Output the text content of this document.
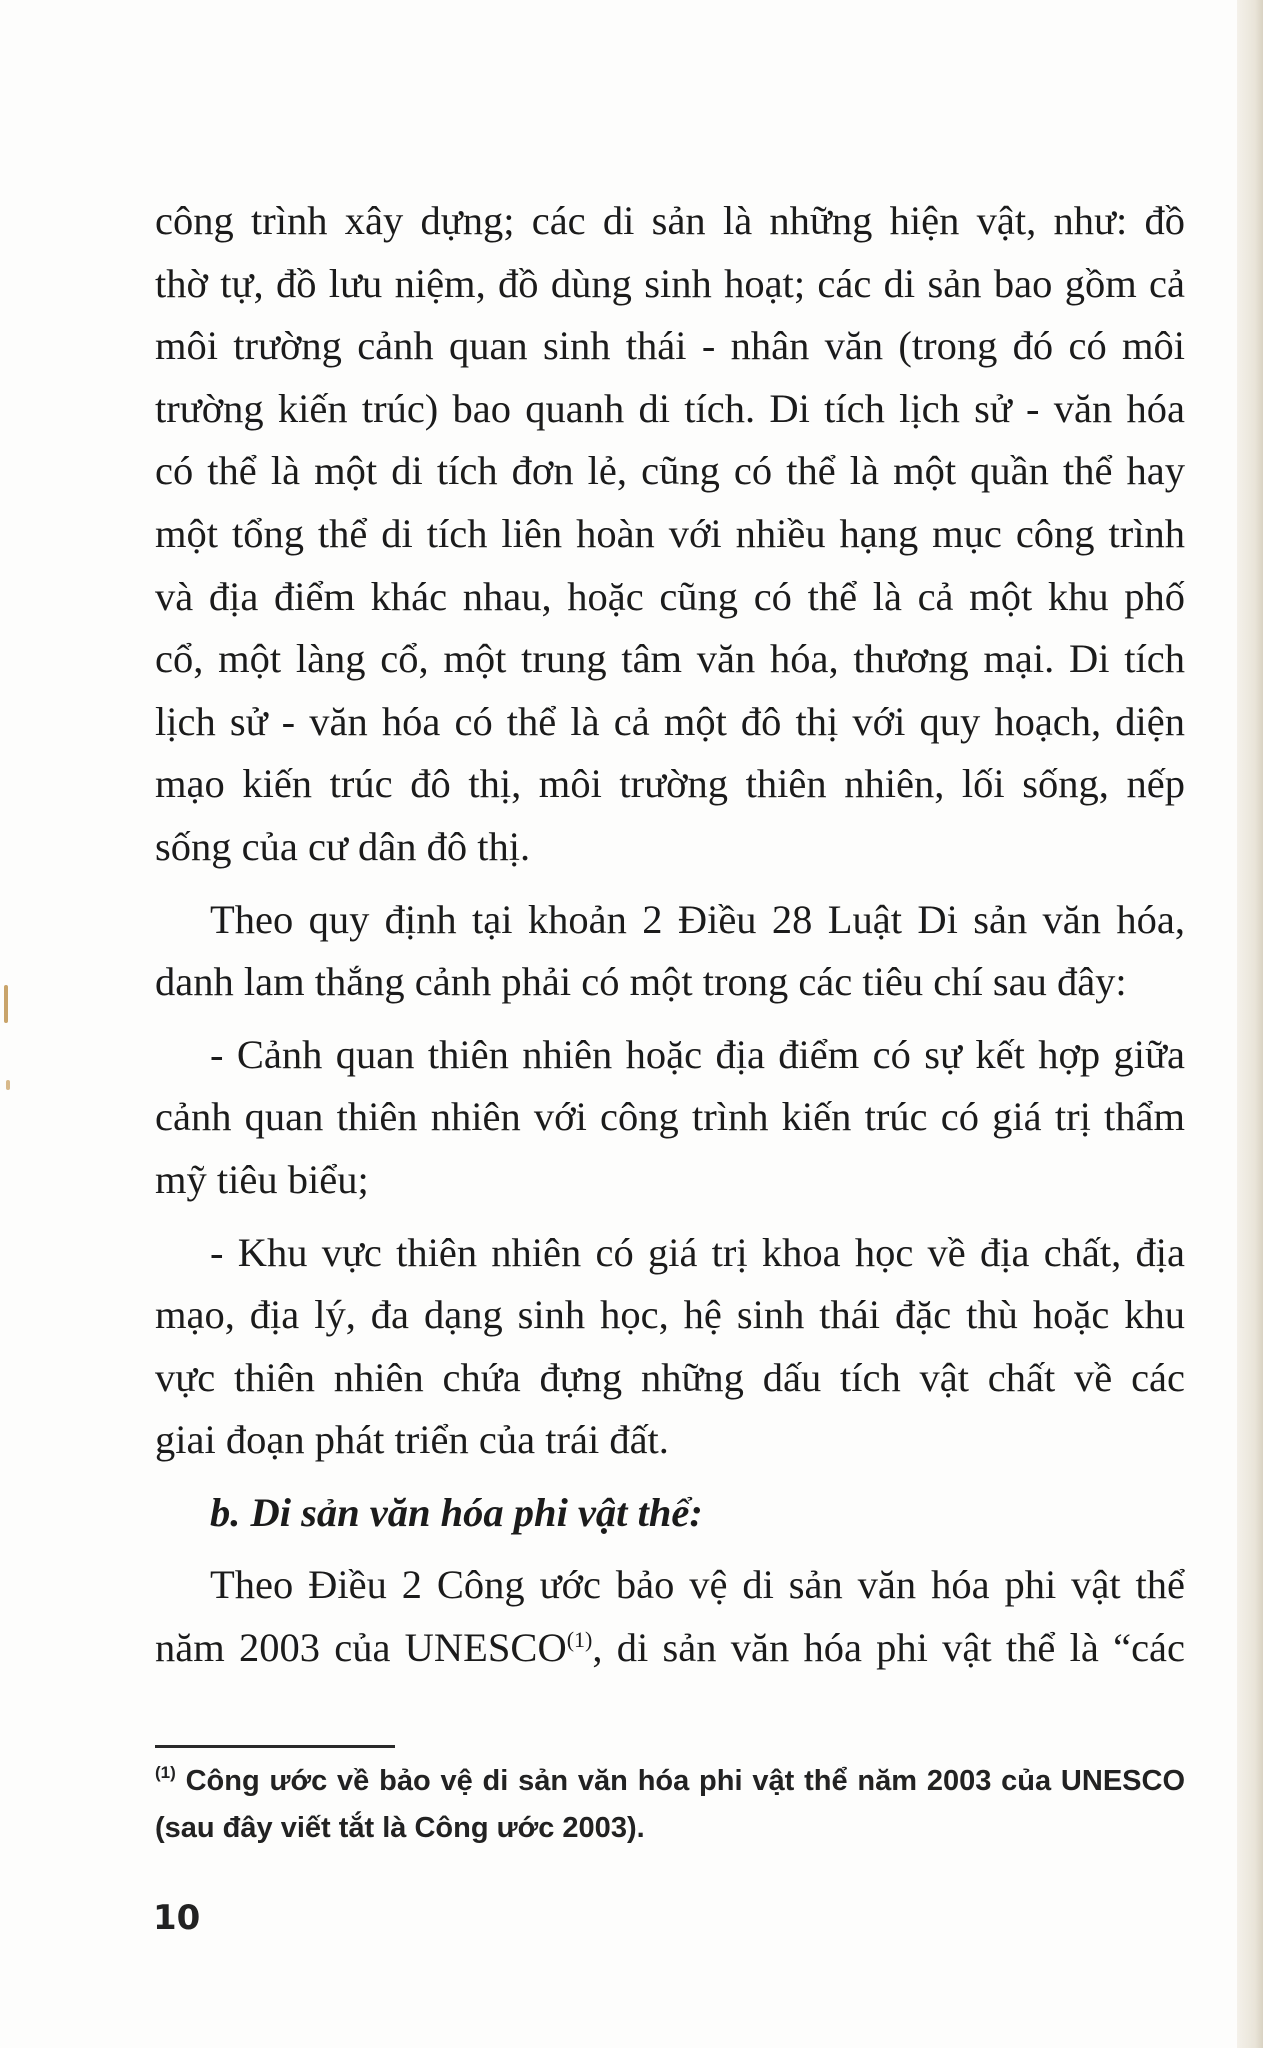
công trình xây dựng; các di sản là những hiện vật, như: đồ
thờ tự, đồ lưu niệm, đồ dùng sinh hoạt; các di sản bao gồm cả
môi trường cảnh quan sinh thái - nhân văn (trong đó có môi
trường kiến trúc) bao quanh di tích. Di tích lịch sử - văn hóa
có thể là một di tích đơn lẻ, cũng có thể là một quần thể hay
một tổng thể di tích liên hoàn với nhiều hạng mục công trình
và địa điểm khác nhau, hoặc cũng có thể là cả một khu phố
cổ, một làng cổ, một trung tâm văn hóa, thương mại. Di tích
lịch sử - văn hóa có thể là cả một đô thị với quy hoạch, diện
mạo kiến trúc đô thị, môi trường thiên nhiên, lối sống, nếp
sống của cư dân đô thị.
Theo quy định tại khoản 2 Điều 28 Luật Di sản văn hóa,
danh lam thắng cảnh phải có một trong các tiêu chí sau đây:
- Cảnh quan thiên nhiên hoặc địa điểm có sự kết hợp giữa
cảnh quan thiên nhiên với công trình kiến trúc có giá trị thẩm
mỹ tiêu biểu;
- Khu vực thiên nhiên có giá trị khoa học về địa chất, địa
mạo, địa lý, đa dạng sinh học, hệ sinh thái đặc thù hoặc khu
vực thiên nhiên chứa đựng những dấu tích vật chất về các
giai đoạn phát triển của trái đất.
b. Di sản văn hóa phi vật thể:
Theo Điều 2 Công ước bảo vệ di sản văn hóa phi vật thể
năm 2003 của UNESCO$^{(1)}$, di sản văn hóa phi vật thể là “các
$^{(1)}$ Công ước về bảo vệ di sản văn hóa phi vật thể năm 2003 của UNESCO
(sau đây viết tắt là Công ước 2003).
10
